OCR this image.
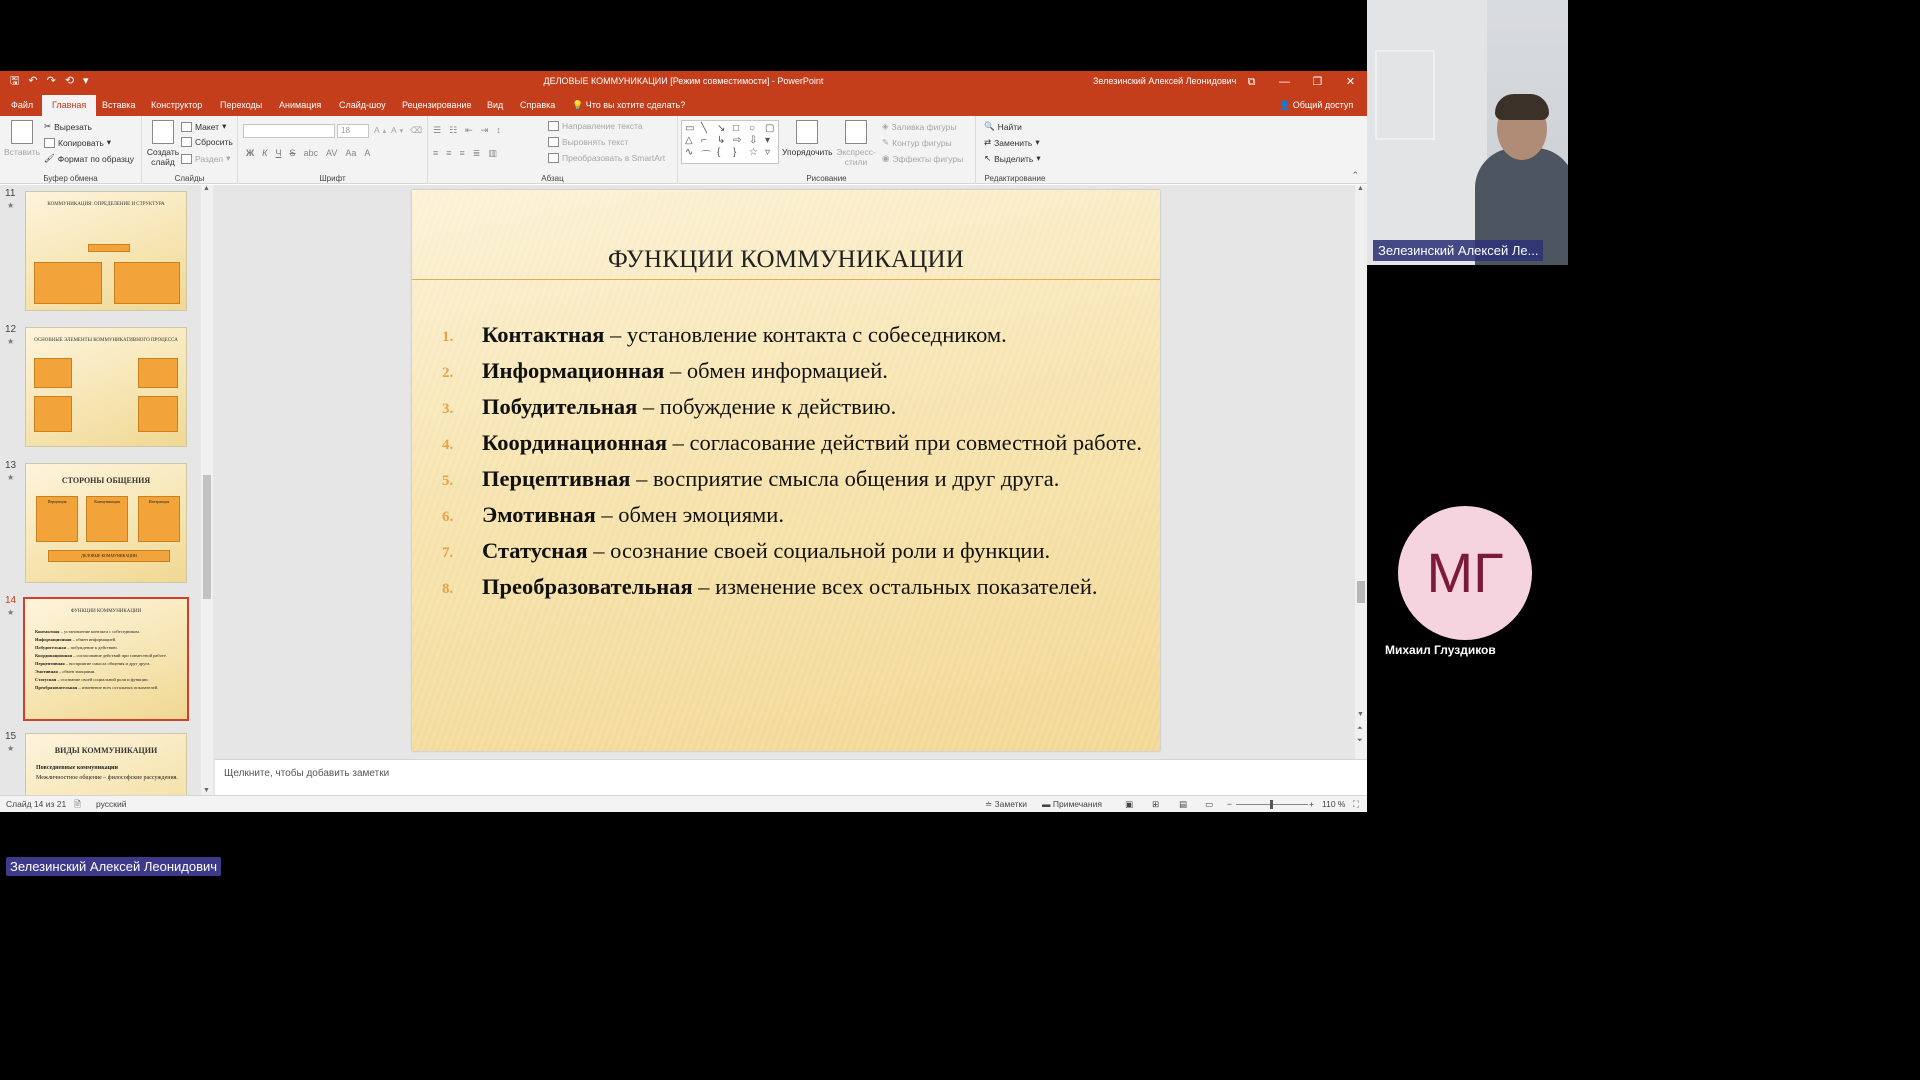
🖫 ↶ ↷ ⟲ ▾	ДЕЛОВЫЕ КОММУНИКАЦИИ [Режим совместимости] - PowerPoint	Зелезинский Алексей Леонидович	⧉	—	❐	✕
Файл	Главная	Вставка Конструктор Переходы Анимация Слайд-шоу Рецензирование Вид Справка 💡 Что вы хотите сделать?	👤 Общий доступ
Вставить
✂ Вырезать
Копировать ▾
🖌 Формат по образцу
Буфер обмена
Создать слайд
Макет ▾
Сбросить
Раздел ▾
Слайды
18	A ▴ A ▾ ⌫
Ж К Ч S abc AV Aa A
Шрифт
☰ ☷ ⇤ ⇥ ↕
≡ ≡ ≡ ≣ ▥
Направление текста
Выровнять текст
Преобразовать в SmartArt
Абзац
▭ ╲ ↘ □ ○ ▢
△ ⌐	↳ ⇨ ⇩ ▾
∿ ⌒ {	}	☆ ▿	Упорядочить Экспресс-стили
◈ Заливка фигуры
✎ Контур фигуры
◉ Эффекты фигуры
Рисование
🔍 Найти
⇄ Заменить ▾
↖ Выделить ▾
Редактирование	⌃
11
★	КОММУНИКАЦИЯ: ОПРЕДЕЛЕНИЕ И СТРУКТУРА
12
★	ОСНОВНЫЕ ЭЛЕМЕНТЫ КОММУНИКАТИВНОГО ПРОЦЕССА
13
★	СТОРОНЫ ОБЩЕНИЯ
Перцепция	Коммуникация	Интеракция
ДЕЛОВЫЕ КОММУНИКАЦИИ
14
★	ФУНКЦИИ КОММУНИКАЦИИ
Контактная – установление контакта с собеседником.
Информационная – обмен информацией.
Побудительная – побуждение к действию.
Координационная – согласование действий при совместной работе.
Перцептивная – восприятие смысла общения и друг друга.
Эмотивная – обмен эмоциями.
Статусная – осознание своей социальной роли и функции.
Преобразовательная – изменение всех остальных показателей.
15
★	ВИДЫ КОММУНИКАЦИИ
Повседневные коммуникации
Межличностное общение – философские рассуждения.
▲
▼
ФУНКЦИИ КОММУНИКАЦИИ
1. Контактная – установление контакта с собеседником.
2. Информационная – обмен информацией.
3. Побудительная – побуждение к действию.
4. Координационная – согласование действий при совместной работе.
5. Перцептивная – восприятие смысла общения и друг друга.
6. Эмотивная – обмен эмоциями.
7. Статусная – осознание своей социальной роли и функции.
8. Преобразовательная – изменение всех остальных показателей.
▲
▼
⏶
⏷
Щелкните, чтобы добавить заметки
Слайд 14 из 21 🗎 русский	≐ Заметки ▬ Примечания	▣ ⊞ ▤ ▭ −	+ 110 % ⛶
Зелезинский Алексей Ле...
МГ
Михаил Глуздиков
Зелезинский Алексей Леонидович
